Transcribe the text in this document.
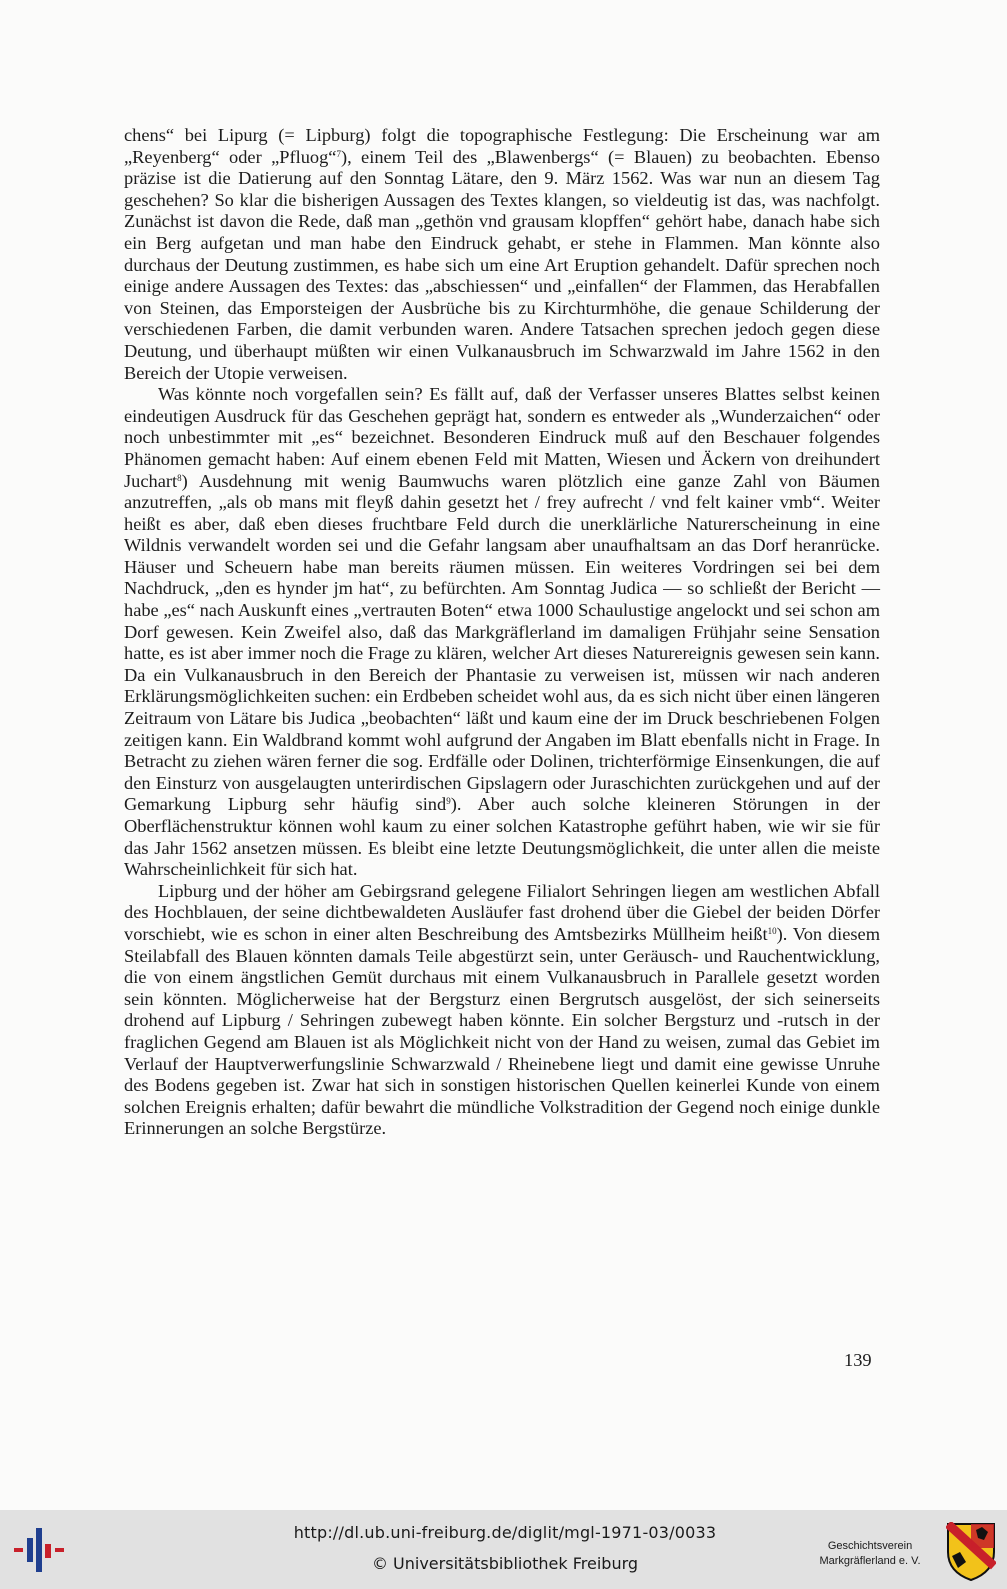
chens“ bei Lipurg (= Lipburg) folgt die topographische Festlegung: Die Erscheinung war am „Reyenberg“ oder „Pfluog“$^7$), einem Teil des „Blawenbergs“ (= Blauen) zu beobachten. Ebenso präzise ist die Datierung auf den Sonntag Lätare, den 9. März 1562. Was war nun an diesem Tag geschehen? So klar die bisherigen Aussagen des Textes klangen, so vieldeutig ist das, was nachfolgt. Zunächst ist davon die Rede, daß man „gethön vnd grausam klopffen“ gehört habe, danach habe sich ein Berg aufgetan und man habe den Eindruck gehabt, er stehe in Flammen. Man könnte also durchaus der Deutung zustimmen, es habe sich um eine Art Eruption gehandelt. Dafür sprechen noch einige andere Aussagen des Textes: das „abschiessen“ und „einfallen“ der Flammen, das Herabfallen von Steinen, das Emporsteigen der Ausbrüche bis zu Kirchturmhöhe, die genaue Schilderung der verschiedenen Farben, die damit verbunden waren. Andere Tatsachen sprechen jedoch gegen diese Deutung, und überhaupt müßten wir einen Vulkanausbruch im Schwarzwald im Jahre 1562 in den Bereich der Utopie verweisen.

Was könnte noch vorgefallen sein? Es fällt auf, daß der Verfasser unseres Blattes selbst keinen eindeutigen Ausdruck für das Geschehen geprägt hat, sondern es entweder als „Wunderzaichen“ oder noch unbestimmter mit „es“ bezeichnet. Besonderen Eindruck muß auf den Beschauer folgendes Phänomen gemacht haben: Auf einem ebenen Feld mit Matten, Wiesen und Äckern von dreihundert Juchart$^8$) Ausdehnung mit wenig Baumwuchs waren plötzlich eine ganze Zahl von Bäumen anzutreffen, „als ob mans mit fleyß dahin gesetzt het / frey aufrecht / vnd felt kainer vmb“. Weiter heißt es aber, daß eben dieses fruchtbare Feld durch die unerklärliche Naturerscheinung in eine Wildnis verwandelt worden sei und die Gefahr langsam aber unaufhaltsam an das Dorf heranrücke. Häuser und Scheuern habe man bereits räumen müssen. Ein weiteres Vordringen sei bei dem Nachdruck, „den es hynder jm hat“, zu befürchten. Am Sonntag Judica — so schließt der Bericht — habe „es“ nach Auskunft eines „vertrauten Boten“ etwa 1000 Schaulustige angelockt und sei schon am Dorf gewesen. Kein Zweifel also, daß das Markgräflerland im damaligen Frühjahr seine Sensation hatte, es ist aber immer noch die Frage zu klären, welcher Art dieses Naturereignis gewesen sein kann. Da ein Vulkanausbruch in den Bereich der Phantasie zu verweisen ist, müssen wir nach anderen Erklärungsmöglichkeiten suchen: ein Erdbeben scheidet wohl aus, da es sich nicht über einen längeren Zeitraum von Lätare bis Judica „beobachten“ läßt und kaum eine der im Druck beschriebenen Folgen zeitigen kann. Ein Waldbrand kommt wohl aufgrund der Angaben im Blatt ebenfalls nicht in Frage. In Betracht zu ziehen wären ferner die sog. Erdfälle oder Dolinen, trichterförmige Einsenkungen, die auf den Einsturz von ausgelaugten unterirdischen Gipslagern oder Juraschichten zurückgehen und auf der Gemarkung Lipburg sehr häufig sind$^9$). Aber auch solche kleineren Störungen in der Oberflächenstruktur können wohl kaum zu einer solchen Katastrophe geführt haben, wie wir sie für das Jahr 1562 ansetzen müssen. Es bleibt eine letzte Deutungsmöglichkeit, die unter allen die meiste Wahrscheinlichkeit für sich hat.

Lipburg und der höher am Gebirgsrand gelegene Filialort Sehringen liegen am westlichen Abfall des Hochblauen, der seine dichtbewaldeten Ausläufer fast drohend über die Giebel der beiden Dörfer vorschiebt, wie es schon in einer alten Beschreibung des Amtsbezirks Müllheim heißt$^{10}$). Von diesem Steilabfall des Blauen könnten damals Teile abgestürzt sein, unter Geräusch- und Rauchentwicklung, die von einem ängstlichen Gemüt durchaus mit einem Vulkanausbruch in Parallele gesetzt worden sein könnten. Möglicherweise hat der Bergsturz einen Bergrutsch ausgelöst, der sich seinerseits drohend auf Lipburg / Sehringen zubewegt haben könnte. Ein solcher Bergsturz und -rutsch in der fraglichen Gegend am Blauen ist als Möglichkeit nicht von der Hand zu weisen, zumal das Gebiet im Verlauf der Hauptverwerfungslinie Schwarzwald / Rheinebene liegt und damit eine gewisse Unruhe des Bodens gegeben ist. Zwar hat sich in sonstigen historischen Quellen keinerlei Kunde von einem solchen Ereignis erhalten; dafür bewahrt die mündliche Volkstradition der Gegend noch einige dunkle Erinnerungen an solche Bergstürze.

139
http://dl.ub.uni-freiburg.de/diglit/mgl-1971-03/0033
© Universitätsbibliothek Freiburg
Geschichtsverein
Markgräflerland e. V.
